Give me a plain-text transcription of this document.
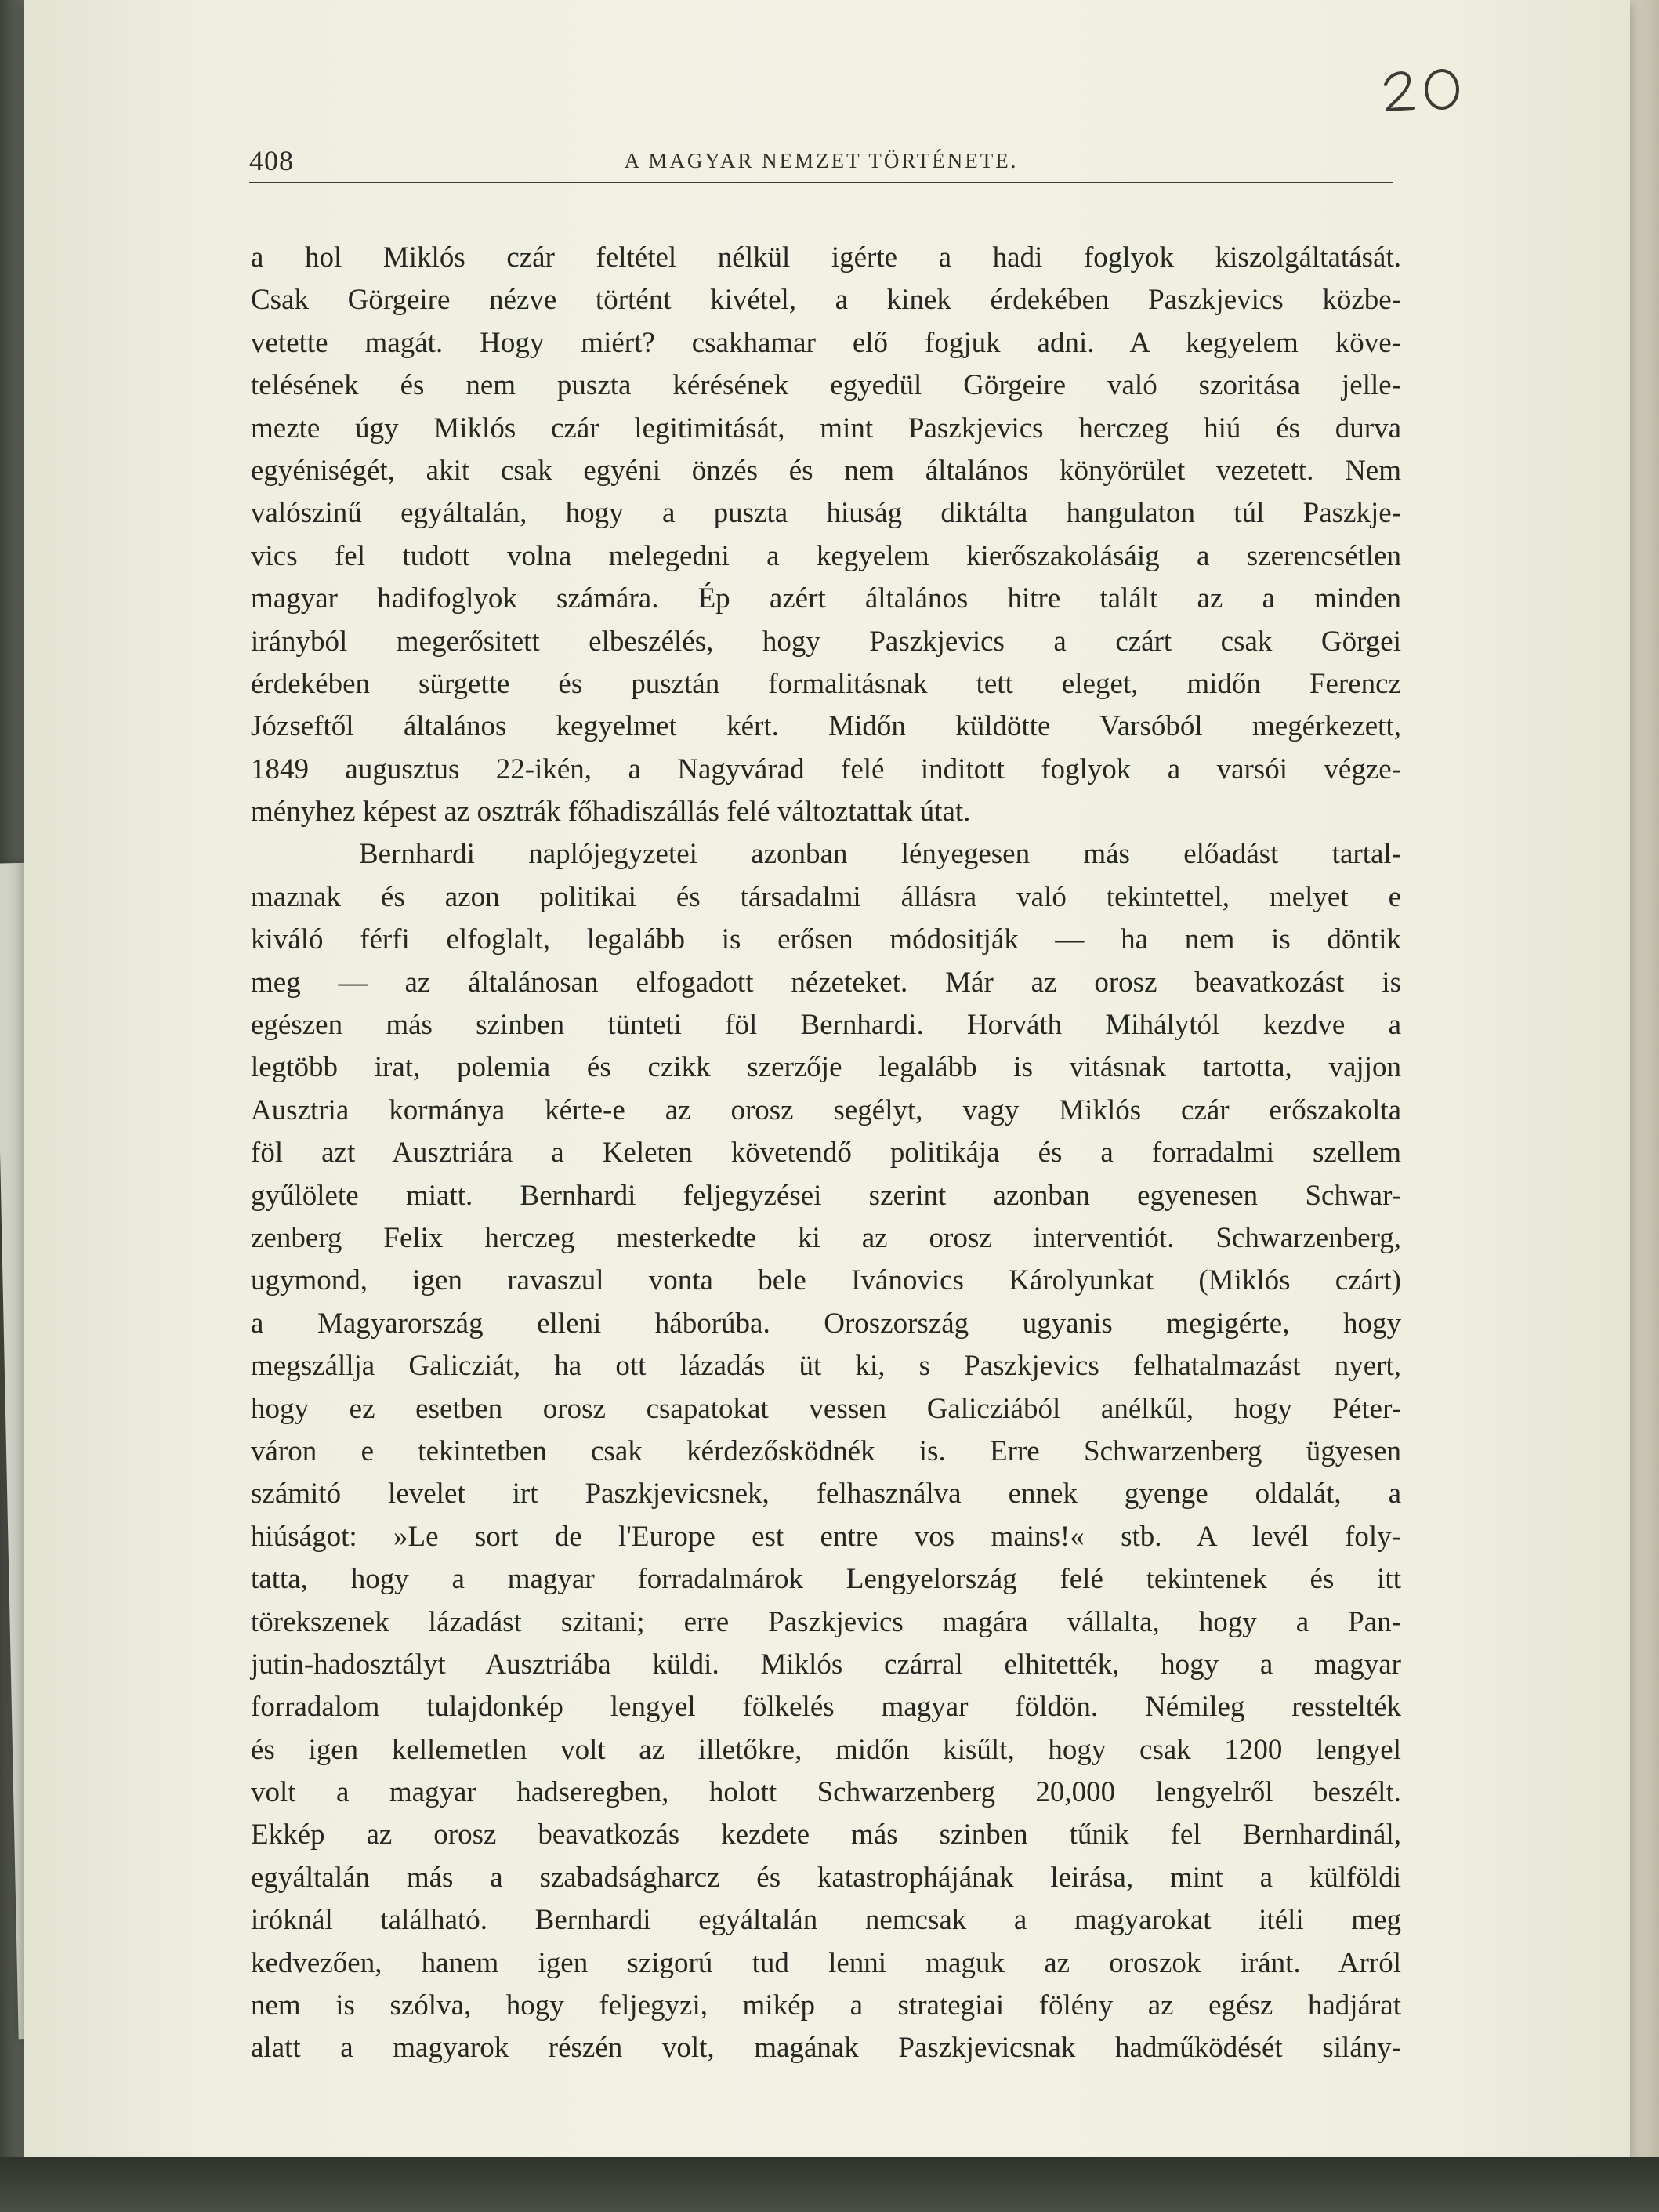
408	A MAGYAR NEMZET TÖRTÉNETE.
a hol Miklós czár feltétel nélkül igérte a hadi foglyok kiszolgáltatását.
Csak Görgeire nézve történt kivétel, a kinek érdekében Paszkjevics közbe-
vetette magát. Hogy miért? csakhamar elő fogjuk adni. A kegyelem köve-
telésének és nem puszta kérésének egyedül Görgeire való szoritása jelle-
mezte úgy Miklós czár legitimitását, mint Paszkjevics herczeg hiú és durva
egyéniségét, akit csak egyéni önzés és nem általános könyörület vezetett. Nem
valószinű egyáltalán, hogy a puszta hiuság diktálta hangulaton túl Paszkje-
vics fel tudott volna melegedni a kegyelem kierőszakolásáig a szerencsétlen
magyar hadifoglyok számára. Ép azért általános hitre talált az a minden
irányból megerősitett elbeszélés, hogy Paszkjevics a czárt csak Görgei
érdekében sürgette és pusztán formalitásnak tett eleget, midőn Ferencz
Józseftől általános kegyelmet kért. Midőn küldötte Varsóból megérkezett,
1849 augusztus 22-ikén, a Nagyvárad felé inditott foglyok a varsói végze-
ményhez képest az osztrák főhadiszállás felé változtattak útat.
Bernhardi naplójegyzetei azonban lényegesen más előadást tartal-
maznak és azon politikai és társadalmi állásra való tekintettel, melyet e
kiváló férfi elfoglalt, legalább is erősen módositják — ha nem is döntik
meg — az általánosan elfogadott nézeteket. Már az orosz beavatkozást is
egészen más szinben tünteti föl Bernhardi. Horváth Mihálytól kezdve a
legtöbb irat, polemia és czikk szerzője legalább is vitásnak tartotta, vajjon
Ausztria kormánya kérte-e az orosz segélyt, vagy Miklós czár erőszakolta
föl azt Ausztriára a Keleten követendő politikája és a forradalmi szellem
gyűlölete miatt. Bernhardi feljegyzései szerint azonban egyenesen Schwar-
zenberg Felix herczeg mesterkedte ki az orosz interventiót. Schwarzenberg,
ugymond, igen ravaszul vonta bele Ivánovics Károlyunkat (Miklós czárt)
a Magyarország elleni háborúba. Oroszország ugyanis megigérte, hogy
megszállja Galicziát, ha ott lázadás üt ki, s Paszkjevics felhatalmazást nyert,
hogy ez esetben orosz csapatokat vessen Galicziából anélkűl, hogy Péter-
váron e tekintetben csak kérdezősködnék is. Erre Schwarzenberg ügyesen
számitó levelet irt Paszkjevicsnek, felhasználva ennek gyenge oldalát, a
hiúságot: »Le sort de l'Europe est entre vos mains!« stb. A levél foly-
tatta, hogy a magyar forradalmárok Lengyelország felé tekintenek és itt
törekszenek lázadást szitani; erre Paszkjevics magára vállalta, hogy a Pan-
jutin-hadosztályt Ausztriába küldi. Miklós czárral elhitették, hogy a magyar
forradalom tulajdonkép lengyel fölkelés magyar földön. Némileg resstelték
és igen kellemetlen volt az illetőkre, midőn kisűlt, hogy csak 1200 lengyel
volt a magyar hadseregben, holott Schwarzenberg 20,000 lengyelről beszélt.
Ekkép az orosz beavatkozás kezdete más szinben tűnik fel Bernhardinál,
egyáltalán más a szabadságharcz és katastrophájának leirása, mint a külföldi
iróknál található. Bernhardi egyáltalán nemcsak a magyarokat itéli meg
kedvezően, hanem igen szigorú tud lenni maguk az oroszok iránt. Arról
nem is szólva, hogy feljegyzi, mikép a strategiai fölény az egész hadjárat
alatt a magyarok részén volt, magának Paszkjevicsnak hadműködését silány-
